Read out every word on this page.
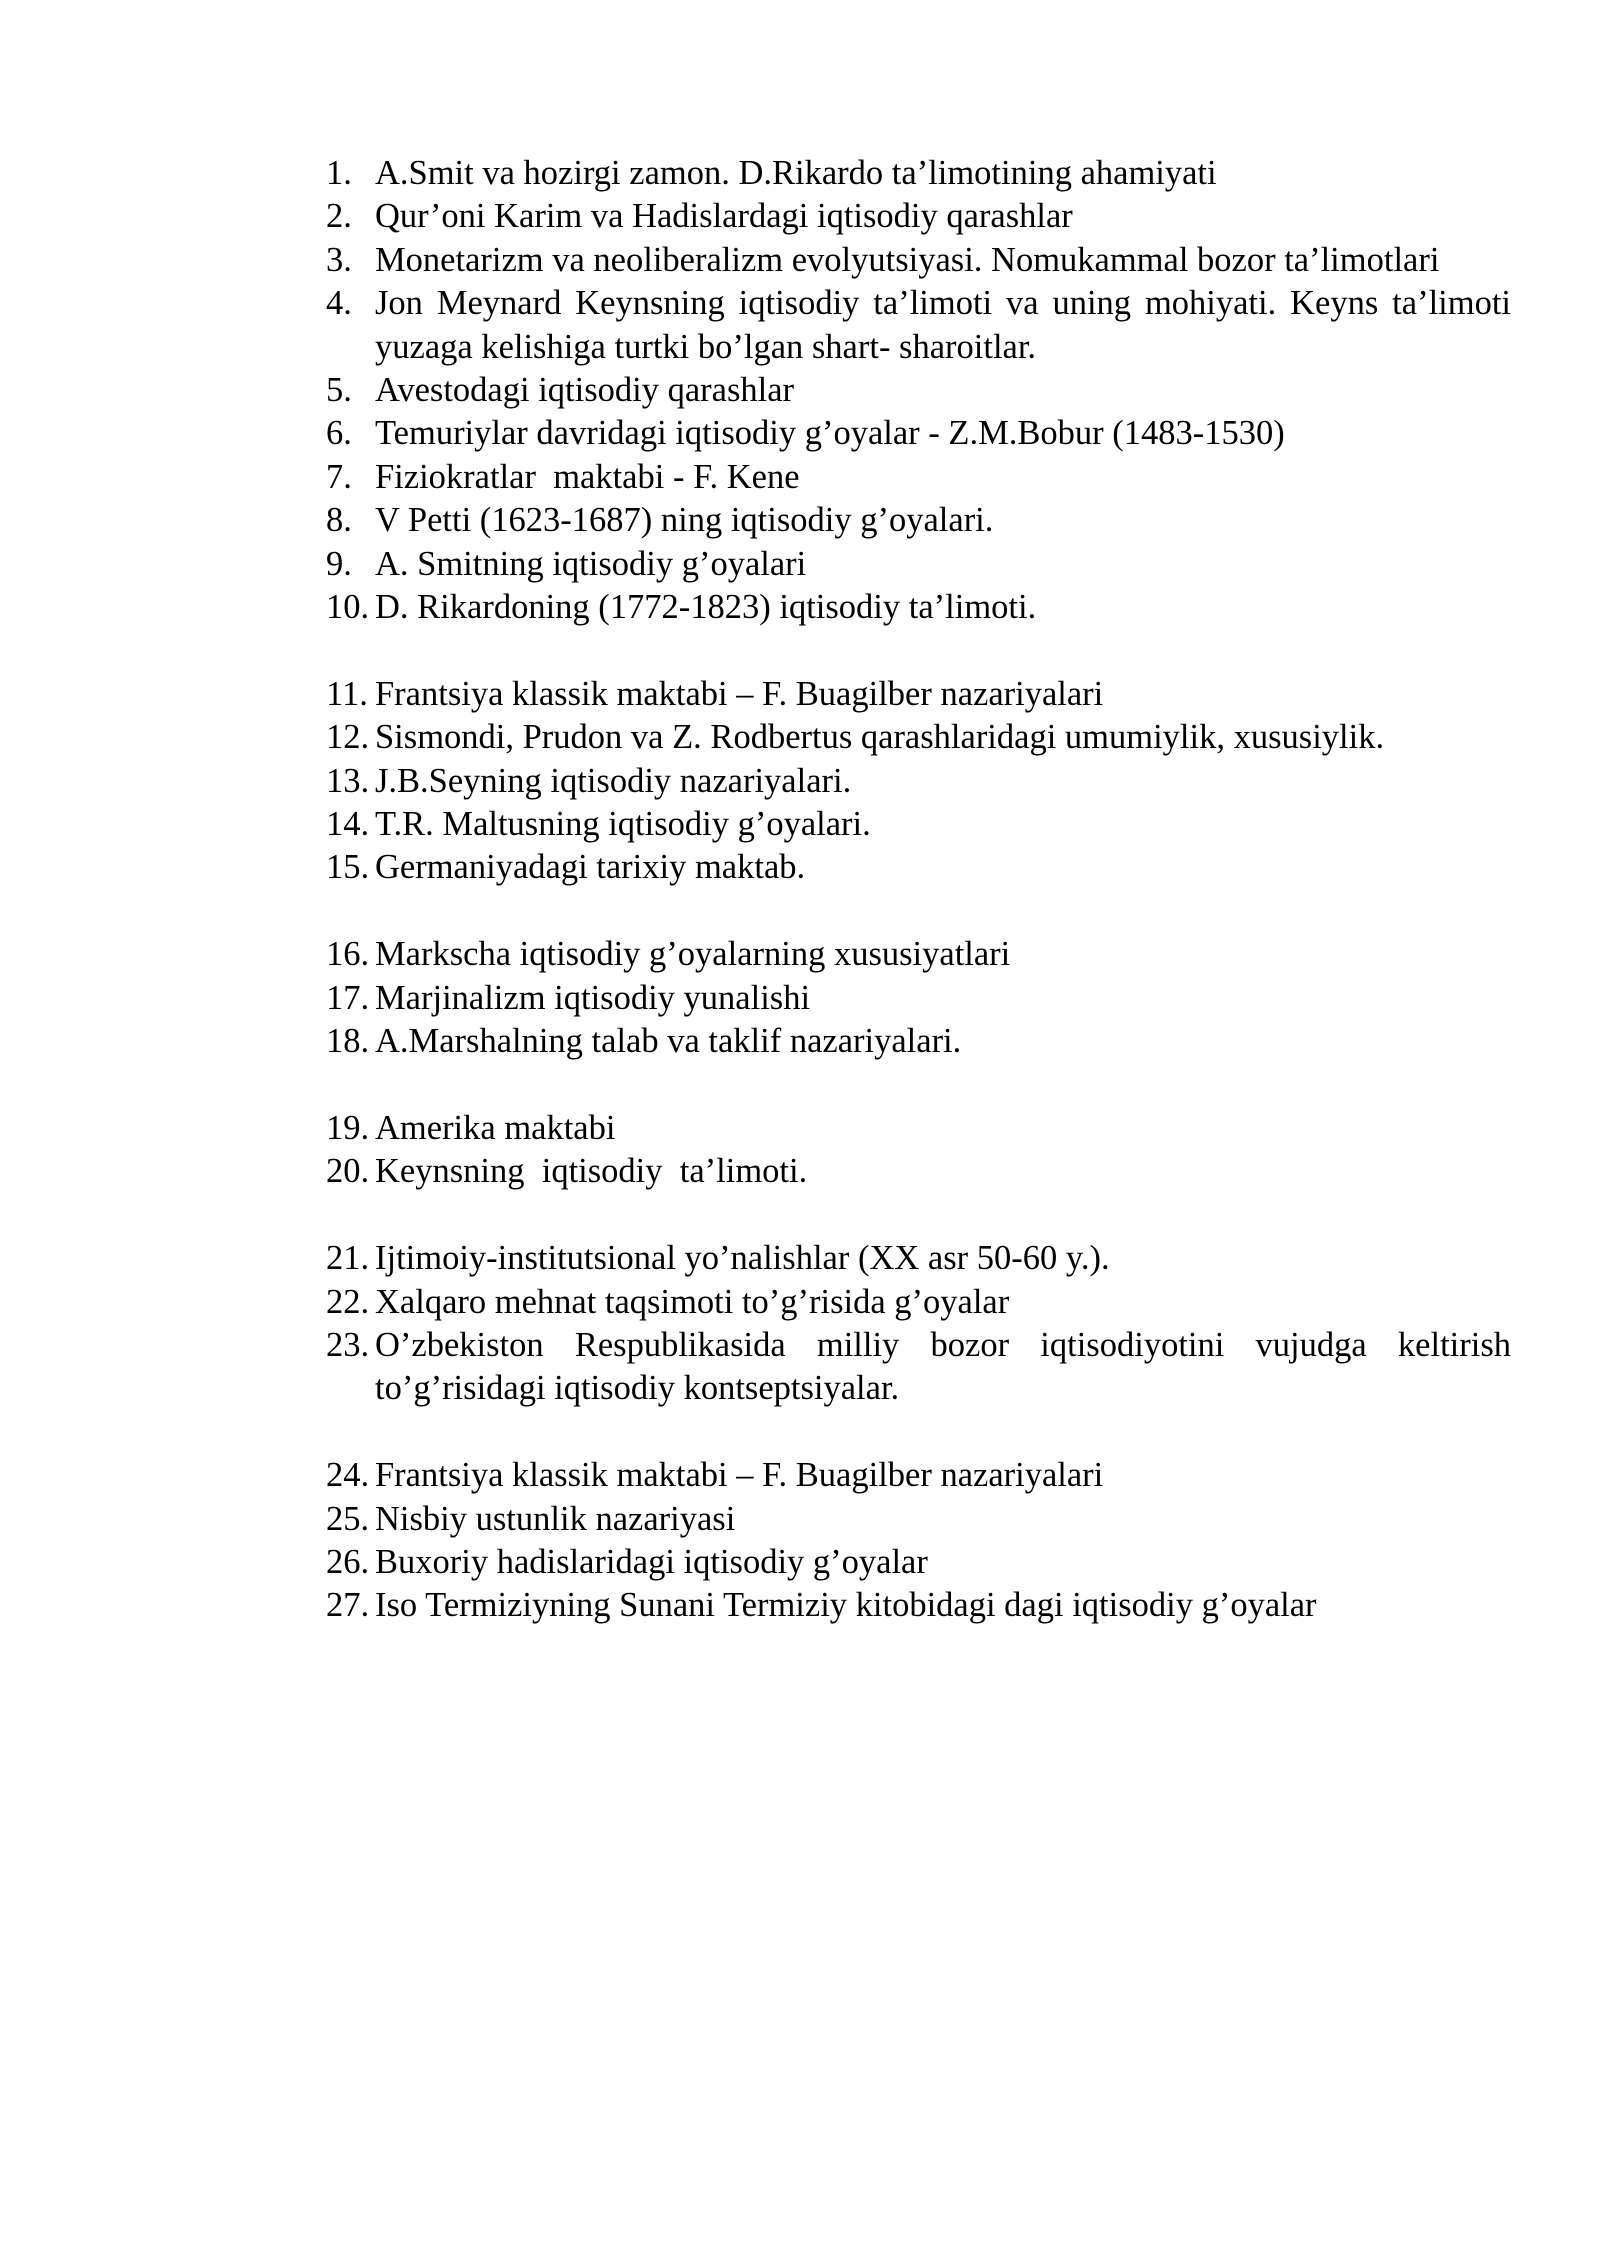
1. A.Smit va hozirgi zamon. D.Rikardo ta’limotining ahamiyati
2. Qur’oni Karim va Hadislardagi iqtisodiy qarashlar
3. Monetarizm va neoliberalizm evolyutsiyasi. Nomukammal bozor ta’limotlari
4. Jon Meynard Keynsning iqtisodiy ta’limoti va uning mohiyati. Keyns ta’limoti yuzaga kelishiga turtki bo’lgan shart- sharoitlar.
5. Avestodagi iqtisodiy qarashlar
6. Temuriylar davridagi iqtisodiy g’oyalar - Z.M.Bobur (1483-1530)
7. Fiziokratlar  maktabi - F. Kene
8. V Petti (1623-1687) ning iqtisodiy g’oyalari.
9. A. Smitning iqtisodiy g’oyalari
10. D. Rikardoning (1772-1823) iqtisodiy ta’limoti.
11. Frantsiya klassik maktabi – F. Buagilber nazariyalari
12. Sismondi, Prudon va Z. Rodbertus qarashlaridagi umumiylik, xususiylik.
13. J.B.Seyning iqtisodiy nazariyalari.
14. T.R. Maltusning iqtisodiy g’oyalari.
15. Germaniyadagi tarixiy maktab.
16. Markscha iqtisodiy g’oyalarning xususiyatlari
17. Marjinalizm iqtisodiy yunalishi
18. A.Marshalning talab va taklif nazariyalari.
19. Amerika maktabi
20. Keynsning  iqtisodiy  ta’limoti.
21. Ijtimoiy-institutsional yo’nalishlar (XX asr 50-60 y.).
22. Xalqaro mehnat taqsimoti to’g’risida g’oyalar
23. O’zbekiston Respublikasida milliy bozor iqtisodiyotini vujudga keltirish to’g’risidagi iqtisodiy kontseptsiyalar.
24. Frantsiya klassik maktabi – F. Buagilber nazariyalari
25. Nisbiy ustunlik nazariyasi
26. Buxoriy hadislaridagi iqtisodiy g’oyalar
27. Iso Termiziyning Sunani Termiziy kitobidagi dagi iqtisodiy g’oyalar
